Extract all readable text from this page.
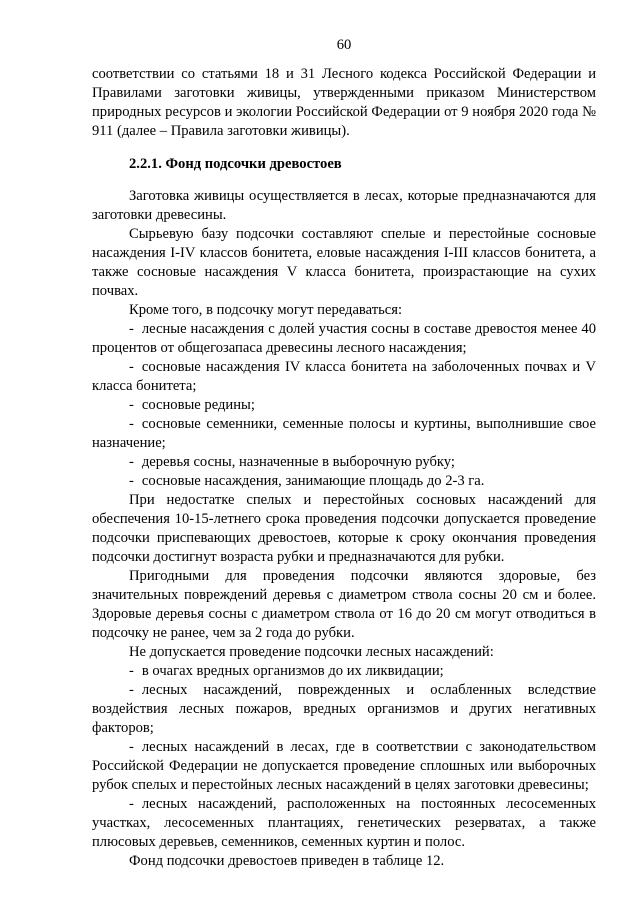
60

соответствии со статьями 18 и 31 Лесного кодекса Российской Федерации и Правилами заготовки живицы, утвержденными приказом Министерством природных ресурсов и экологии Российской Федерации от 9 ноября 2020 года № 911 (далее – Правила заготовки живицы).

2.2.1. Фонд подсочки древостоев

Заготовка живицы осуществляется в лесах, которые предназначаются для заготовки древесины.

Сырьевую базу подсочки составляют спелые и перестойные сосновые насаждения I-IV классов бонитета, еловые насаждения I-III классов бонитета, а также сосновые насаждения V класса бонитета, произрастающие на сухих почвах.

Кроме того, в подсочку могут передаваться:

- лесные насаждения с долей участия сосны в составе древостоя менее 40 процентов от общегозапаса древесины лесного насаждения;

- сосновые насаждения IV класса бонитета на заболоченных почвах и V класса бонитета;

- сосновые редины;

- сосновые семенники, семенные полосы и куртины, выполнившие свое назначение;

- деревья сосны, назначенные в выборочную рубку;

- сосновые насаждения, занимающие площадь до 2-3 га.

При недостатке спелых и перестойных сосновых насаждений для обеспечения 10-15-летнего срока проведения подсочки допускается проведение подсочки приспевающих древостоев, которые к сроку окончания проведения подсочки достигнут возраста рубки и предназначаются для рубки.

Пригодными для проведения подсочки являются здоровые, без значительных повреждений деревья с диаметром ствола сосны 20 см и более. Здоровые деревья сосны с диаметром ствола от 16 до 20 см могут отводиться в подсочку не ранее, чем за 2 года до рубки.

Не допускается проведение подсочки лесных насаждений:

- в очагах вредных организмов до их ликвидации;

- лесных насаждений, поврежденных и ослабленных вследствие воздействия лесных пожаров, вредных организмов и других негативных факторов;

- лесных насаждений в лесах, где в соответствии с законодательством Российской Федерации не допускается проведение сплошных или выборочных рубок спелых и перестойных лесных насаждений в целях заготовки древесины;

- лесных насаждений, расположенных на постоянных лесосеменных участках, лесосеменных плантациях, генетических резерватах, а также плюсовых деревьев, семенников, семенных куртин и полос.

Фонд подсочки древостоев приведен в таблице 12.
